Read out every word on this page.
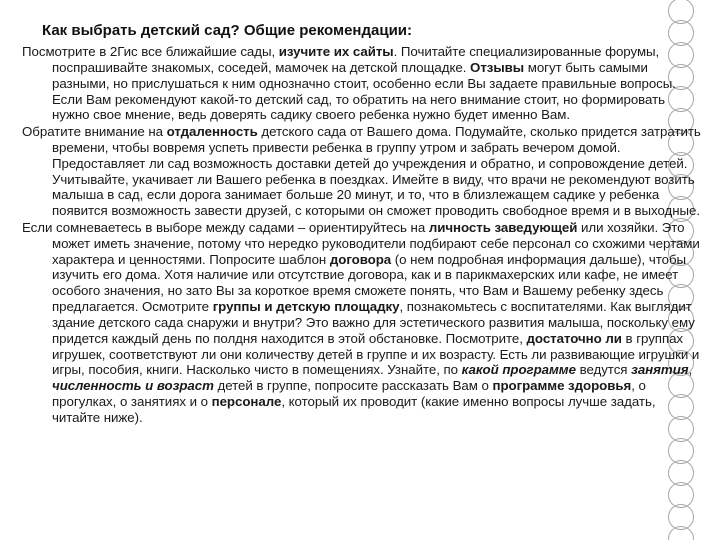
Как выбрать детский сад? Общие рекомендации:

Посмотрите в 2Гис все ближайшие сады, изучите их сайты. Почитайте специализированные форумы, поспрашивайте знакомых, соседей, мамочек на детской площадке. Отзывы могут быть самыми разными, но прислушаться к ним однозначно стоит, особенно если Вы задаете правильные вопросы. Если Вам рекомендуют какой-то детский сад, то обратить на него внимание стоит, но формировать нужно свое мнение, ведь доверять садику своего ребенка нужно будет именно Вам.

Обратите внимание на отдаленность детского сада от Вашего дома. Подумайте, сколько придется затратить времени, чтобы вовремя успеть привести ребенка в группу утром и забрать вечером домой. Предоставляет ли сад возможность доставки детей до учреждения и обратно, и сопровождение детей. Учитывайте, укачивает ли Вашего ребенка в поездках. Имейте в виду, что врачи не рекомендуют возить малыша в сад, если дорога занимает больше 20 минут, и то, что в близлежащем садике у ребенка появится возможность завести друзей, с которыми он сможет проводить свободное время и в выходные.

Если сомневаетесь в выборе между садами – ориентируйтесь на личность заведующей или хозяйки. Это может иметь значение, потому что нередко руководители подбирают себе персонал со схожими чертами характера и ценностями. Попросите шаблон договора (о нем подробная информация дальше), чтобы изучить его дома. Хотя наличие или отсутствие договора, как и в парикмахерских или кафе, не имеет особого значения, но зато Вы за короткое время сможете понять, что Вам и Вашему ребенку здесь предлагается. Осмотрите группы и детскую площадку, познакомьтесь с воспитателями. Как выглядит здание детского сада снаружи и внутри? Это важно для эстетического развития малыша, поскольку ему придется каждый день по полдня находится в этой обстановке. Посмотрите, достаточно ли в группах игрушек, соответствуют ли они количеству детей в группе и их возрасту. Есть ли развивающие игрушки и игры, пособия, книги. Насколько чисто в помещениях. Узнайте, по какой программе ведутся занятия, численность и возраст детей в группе, попросите рассказать Вам о программе здоровья, о прогулках, о занятиях и о персонале, который их проводит (какие именно вопросы лучше задать, читайте ниже).
